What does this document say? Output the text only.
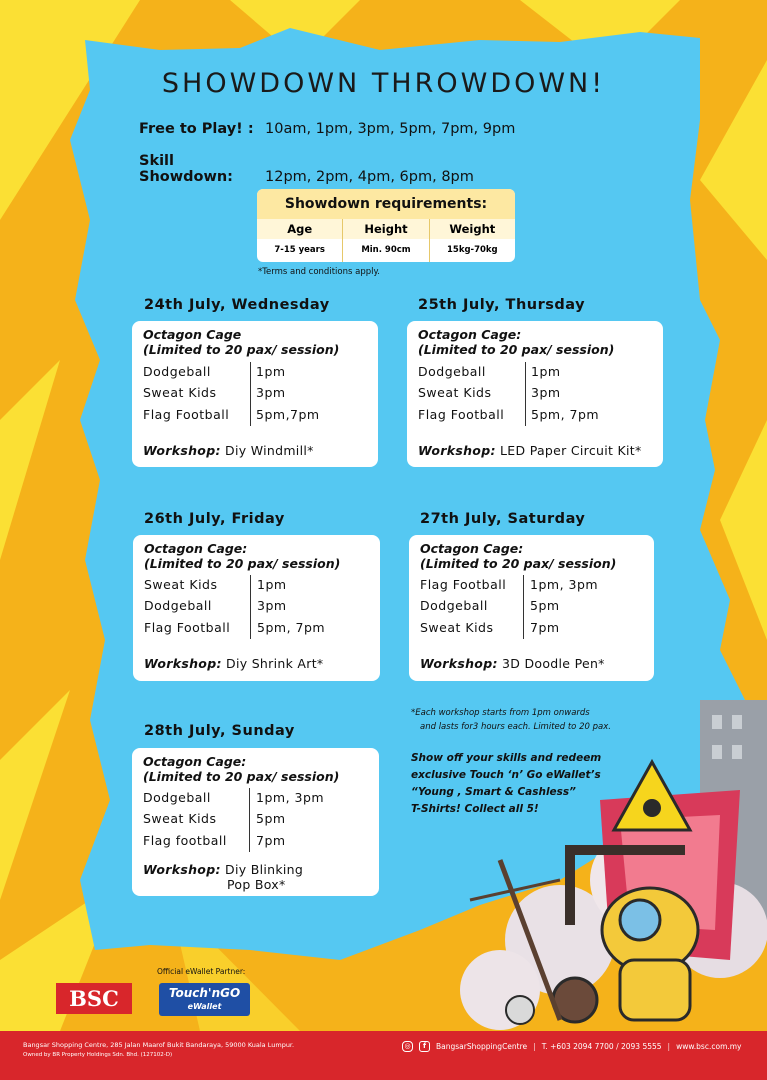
SHOWDOWN THROWDOWN!
Free to Play! : 10am, 1pm, 3pm, 5pm, 7pm, 9pm
Skill Showdown: 12pm, 2pm, 4pm, 6pm, 8pm
Showdown requirements:
Age	Height	Weight
7-15 years	Min. 90cm	15kg-70kg
*Terms and conditions apply.
24th July, Wednesday
Octagon Cage
(Limited to 20 pax/ session)
Dodgeball	1pm
Sweat Kids	3pm
Flag Football 5pm,7pm
Workshop: Diy Windmill*
25th July, Thursday
Octagon Cage:
(Limited to 20 pax/ session)
Dodgeball	1pm
Sweat Kids	3pm
Flag Football 5pm, 7pm
Workshop: LED Paper Circuit Kit*
26th July, Friday
Octagon Cage:
(Limited to 20 pax/ session)
Sweat Kids	1pm
Dodgeball	3pm
Flag Football 5pm, 7pm
Workshop: Diy Shrink Art*
27th July, Saturday
Octagon Cage:
(Limited to 20 pax/ session)
Flag Football 1pm, 3pm
Dodgeball	5pm
Sweat Kids	7pm
Workshop: 3D Doodle Pen*
28th July, Sunday
Octagon Cage:
(Limited to 20 pax/ session)
Dodgeball	1pm, 3pm
Sweat Kids	5pm
Flag football 7pm
Workshop: Diy Blinking
Pop Box*
*Each workshop starts from 1pm onwards
and lasts for3 hours each. Limited to 20 pax.
Show off your skills and redeem
exclusive Touch ‘n’ Go eWallet’s
“Young , Smart & Cashless”
T-Shirts! Collect all 5!
Official eWallet Partner:
BSC	Touch'nGO
eWallet
Bangsar Shopping Centre, 285 Jalan Maarof Bukit Bandaraya, 59000 Kuala Lumpur.
Owned by BR Property Holdings Sdn. Bhd. (127102-D)
◎	f	BangsarShoppingCentre | T. +603 2094 7700 / 2093 5555 | www.bsc.com.my
